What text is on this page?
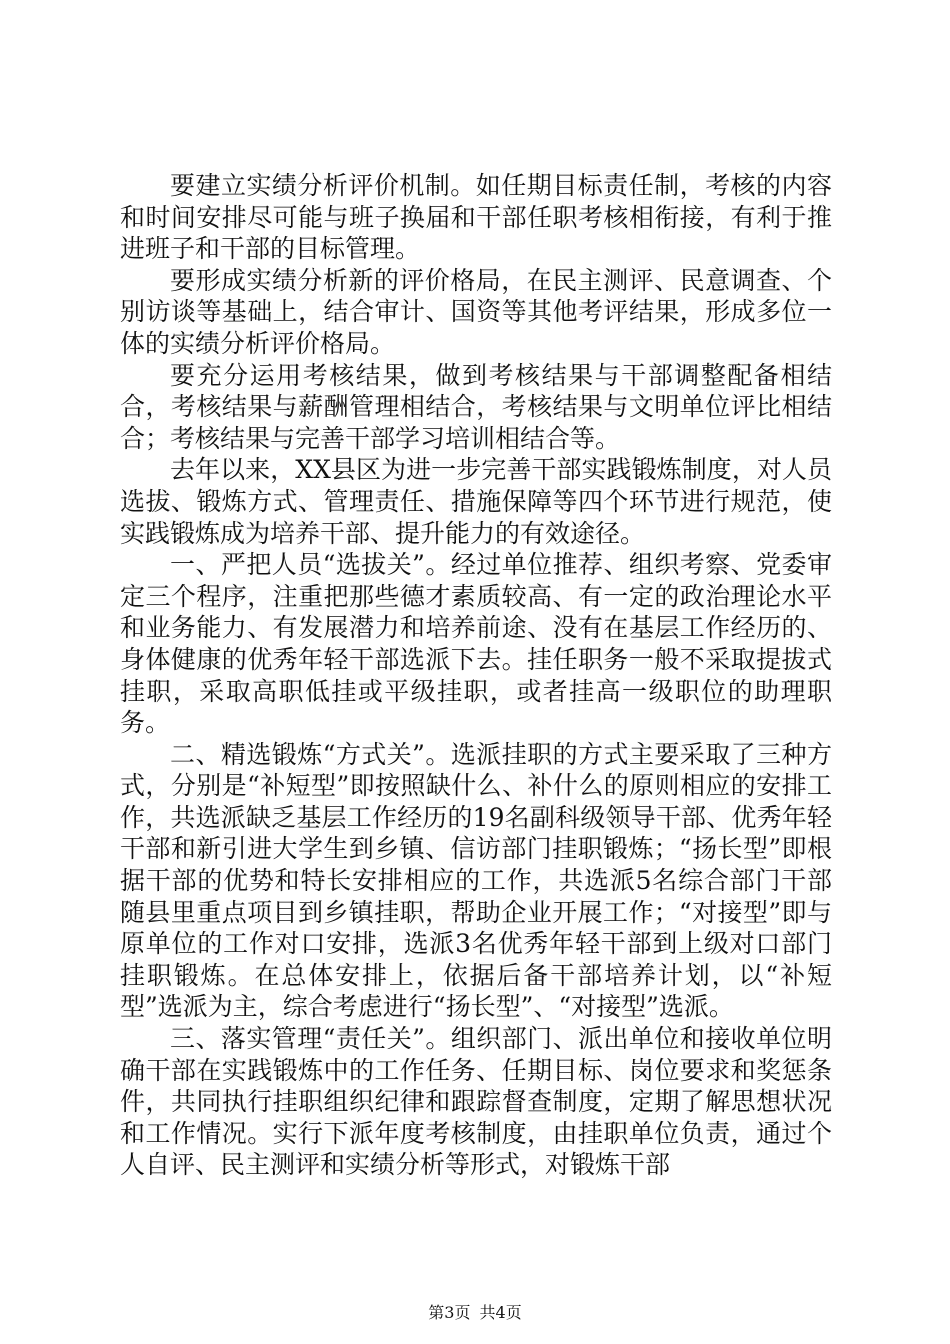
要建立实绩分析评价机制。如任期目标责任制，考核的内容和时间安排尽可能与班子换届和干部任职考核相衔接，有利于推进班子和干部的目标管理。

要形成实绩分析新的评价格局，在民主测评、民意调查、个别访谈等基础上，结合审计、国资等其他考评结果，形成多位一体的实绩分析评价格局。

要充分运用考核结果，做到考核结果与干部调整配备相结合，考核结果与薪酬管理相结合，考核结果与文明单位评比相结合；考核结果与完善干部学习培训相结合等。

去年以来，XX县区为进一步完善干部实践锻炼制度，对人员选拔、锻炼方式、管理责任、措施保障等四个环节进行规范，使实践锻炼成为培养干部、提升能力的有效途径。

一、严把人员“选拔关”。经过单位推荐、组织考察、党委审定三个程序，注重把那些德才素质较高、有一定的政治理论水平和业务能力、有发展潜力和培养前途、没有在基层工作经历的、身体健康的优秀年轻干部选派下去。挂任职务一般不采取提拔式挂职，采取高职低挂或平级挂职，或者挂高一级职位的助理职务。

二、精选锻炼“方式关”。选派挂职的方式主要采取了三种方式，分别是“补短型”即按照缺什么、补什么的原则相应的安排工作，共选派缺乏基层工作经历的19名副科级领导干部、优秀年轻干部和新引进大学生到乡镇、信访部门挂职锻炼；“扬长型”即根据干部的优势和特长安排相应的工作，共选派5名综合部门干部随县里重点项目到乡镇挂职，帮助企业开展工作；“对接型”即与原单位的工作对口安排，选派3名优秀年轻干部到上级对口部门挂职锻炼。在总体安排上，依据后备干部培养计划，以“补短型”选派为主，综合考虑进行“扬长型”、“对接型”选派。

三、落实管理“责任关”。组织部门、派出单位和接收单位明确干部在实践锻炼中的工作任务、任期目标、岗位要求和奖惩条件，共同执行挂职组织纪律和跟踪督查制度，定期了解思想状况和工作情况。实行下派年度考核制度，由挂职单位负责，通过个人自评、民主测评和实绩分析等形式，对锻炼干部

第3页 共4页
